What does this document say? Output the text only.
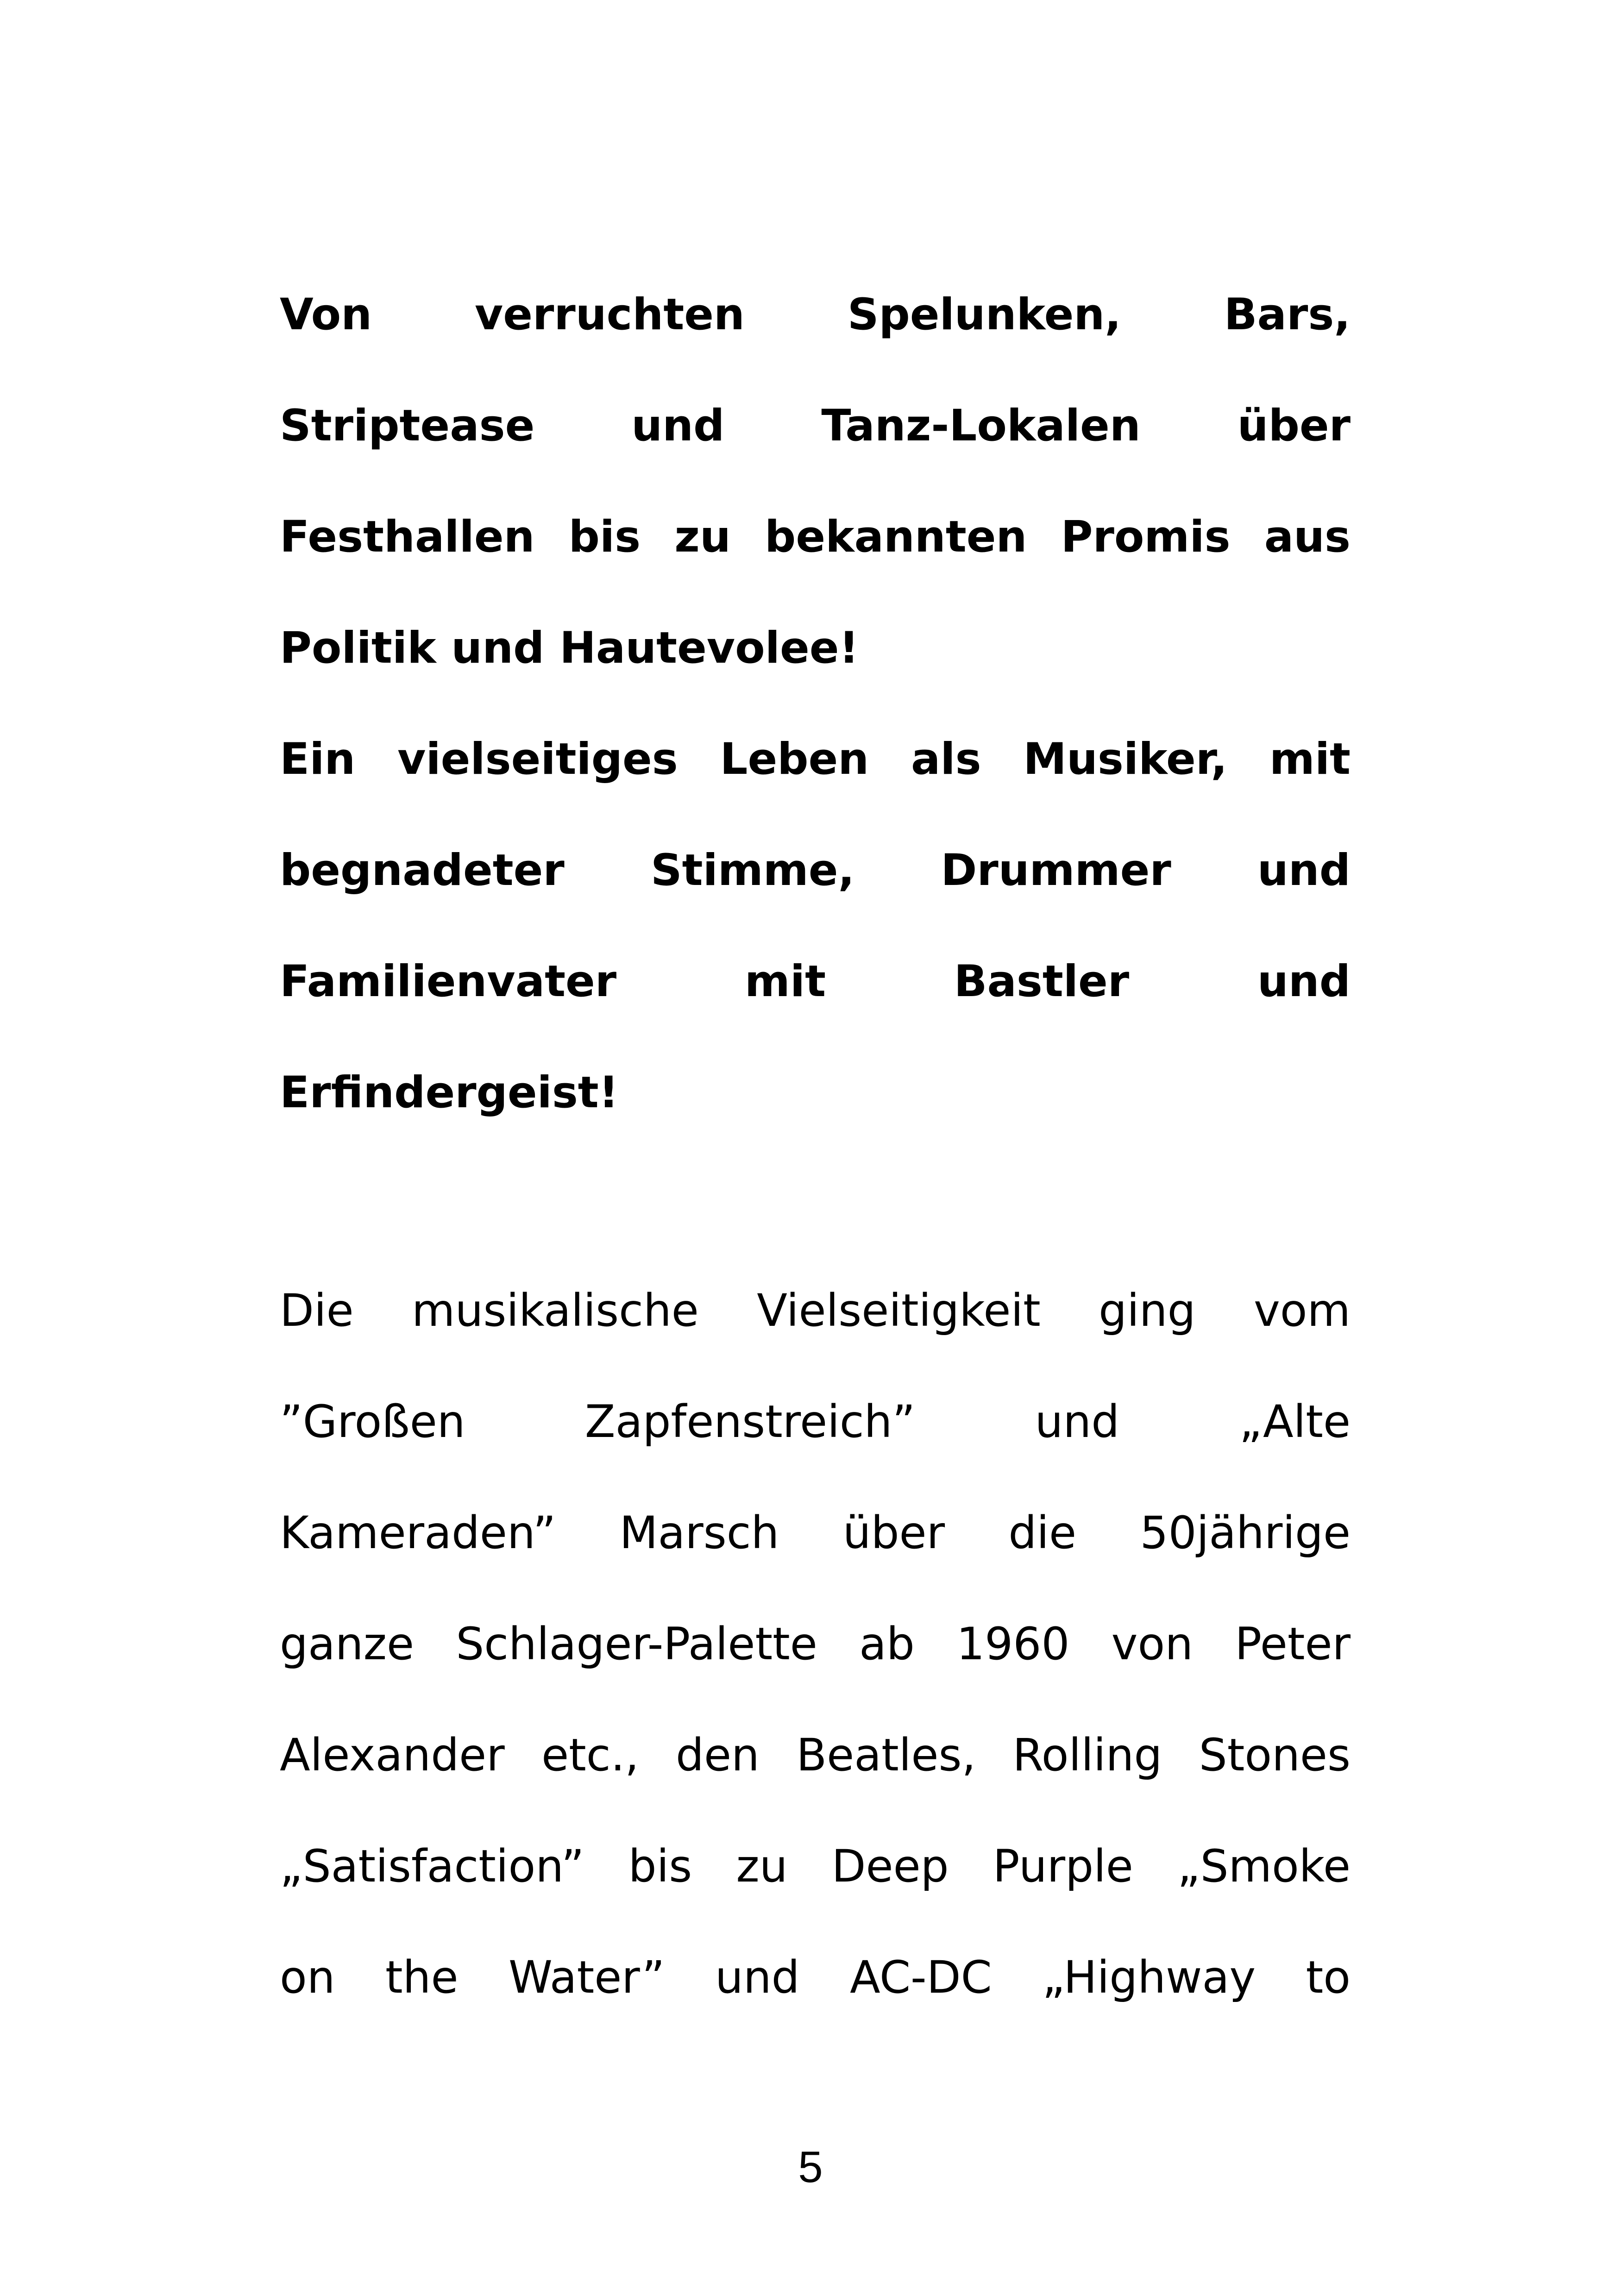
Von verruchten Spelunken, Bars,
Striptease und Tanz-Lokalen über
Festhallen bis zu bekannten Promis aus
Politik und Hautevolee!
Ein vielseitiges Leben als Musiker, mit
begnadeter Stimme, Drummer und
Familienvater mit Bastler und
Erfindergeist!
Die musikalische Vielseitigkeit ging vom
”Großen Zapfenstreich” und „Alte
Kameraden” Marsch über die 50jährige
ganze Schlager-Palette ab 1960 von Peter
Alexander etc., den Beatles, Rolling Stones
„Satisfaction” bis zu Deep Purple „Smoke
on the Water” und AC-DC „Highway to
5
